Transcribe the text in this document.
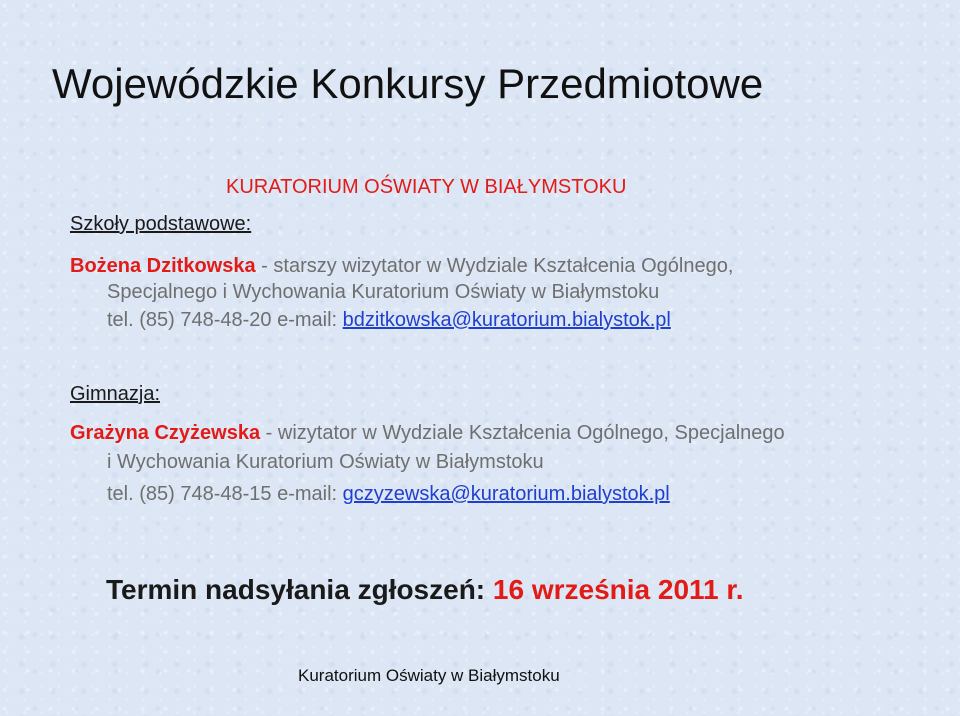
Wojewódzkie Konkursy Przedmiotowe
KURATORIUM OŚWIATY W BIAŁYMSTOKU
Szkoły podstawowe:
Bożena Dzitkowska - starszy wizytator w Wydziale Kształcenia Ogólnego,
Specjalnego i Wychowania Kuratorium Oświaty w Białymstoku
tel. (85) 748-48-20 e-mail: bdzitkowska@kuratorium.bialystok.pl
Gimnazja:
Grażyna Czyżewska - wizytator w Wydziale Kształcenia Ogólnego, Specjalnego
i Wychowania Kuratorium Oświaty w Białymstoku
tel. (85) 748-48-15 e-mail: gczyzewska@kuratorium.bialystok.pl
Termin nadsyłania zgłoszeń: 16 września 2011 r.
Kuratorium Oświaty w Białymstoku
